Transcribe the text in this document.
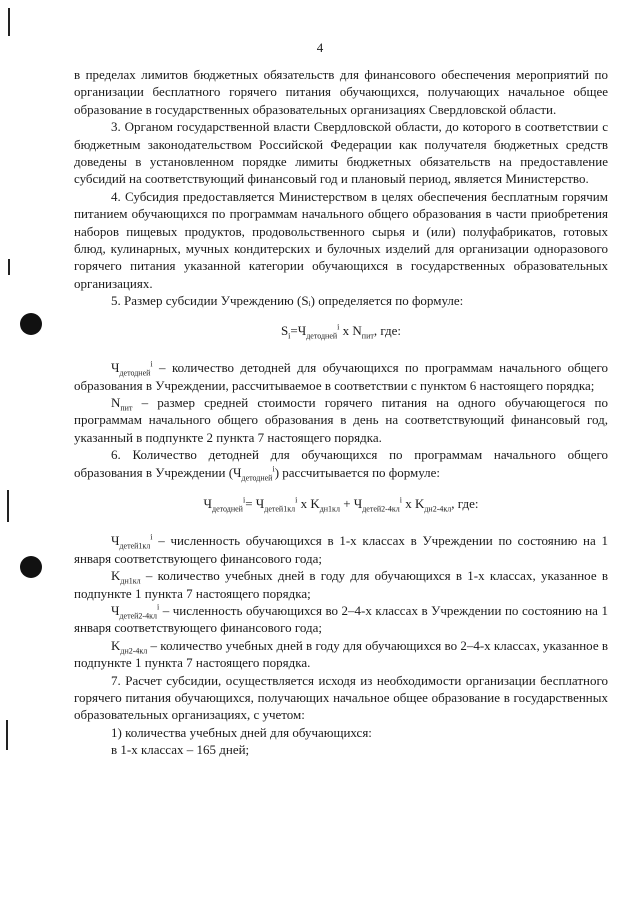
4

в пределах лимитов бюджетных обязательств для финансового обеспечения мероприятий по организации бесплатного горячего питания обучающихся, получающих начальное общее образование в государственных образовательных организациях Свердловской области.

3. Органом государственной власти Свердловской области, до которого в соответствии с бюджетным законодательством Российской Федерации как получателя бюджетных средств доведены в установленном порядке лимиты бюджетных обязательств на предоставление субсидий на соответствующий финансовый год и плановый период, является Министерство.

4. Субсидия предоставляется Министерством в целях обеспечения бесплатным горячим питанием обучающихся по программам начального общего образования в части приобретения наборов пищевых продуктов, продовольственного сырья и (или) полуфабрикатов, готовых блюд, кулинарных, мучных кондитерских и булочных изделий для организации одноразового горячего питания указанной категории обучающихся в государственных образовательных организациях.

5. Размер субсидии Учреждению (Sᵢ) определяется по формуле:

$S_i=Ч_{детодней}^i$ x $N_{пит}$, где:

$Ч_{детодней}^i$ – количество детодней для обучающихся по программам начального общего образования в Учреждении, рассчитываемое в соответствии с пунктом 6 настоящего порядка;

$N_{пит}$ – размер средней стоимости горячего питания на одного обучающегося по программам начального общего образования в день на соответствующий финансовый год, указанный в подпункте 2 пункта 7 настоящего порядка.

6. Количество детодней для обучающихся по программам начального общего образования в Учреждении $(Ч_{детодней}^i)$ рассчитывается по формуле:

$Ч_{детодней}^i= Ч_{детей1кл}^i$ x $K_{дн1кл} + Ч_{детей2-4кл}^i$ x $K_{дн2-4кл}$, где:

$Ч_{детей1кл}^i$ – численность обучающихся в 1-х классах в Учреждении по состоянию на 1 января соответствующего финансового года;

$K_{дн1кл}$ – количество учебных дней в году для обучающихся в 1-х классах, указанное в подпункте 1 пункта 7 настоящего порядка;

$Ч_{детей2-4кл}^i$ – численность обучающихся во 2–4-х классах в Учреждении по состоянию на 1 января соответствующего финансового года;

$K_{дн2-4кл}$ – количество учебных дней в году для обучающихся во 2–4-х классах, указанное в подпункте 1 пункта 7 настоящего порядка.

7. Расчет субсидии, осуществляется исходя из необходимости организации бесплатного горячего питания обучающихся, получающих начальное общее образование в государственных образовательных организациях, с учетом:

1) количества учебных дней для обучающихся:

в 1-х классах – 165 дней;
